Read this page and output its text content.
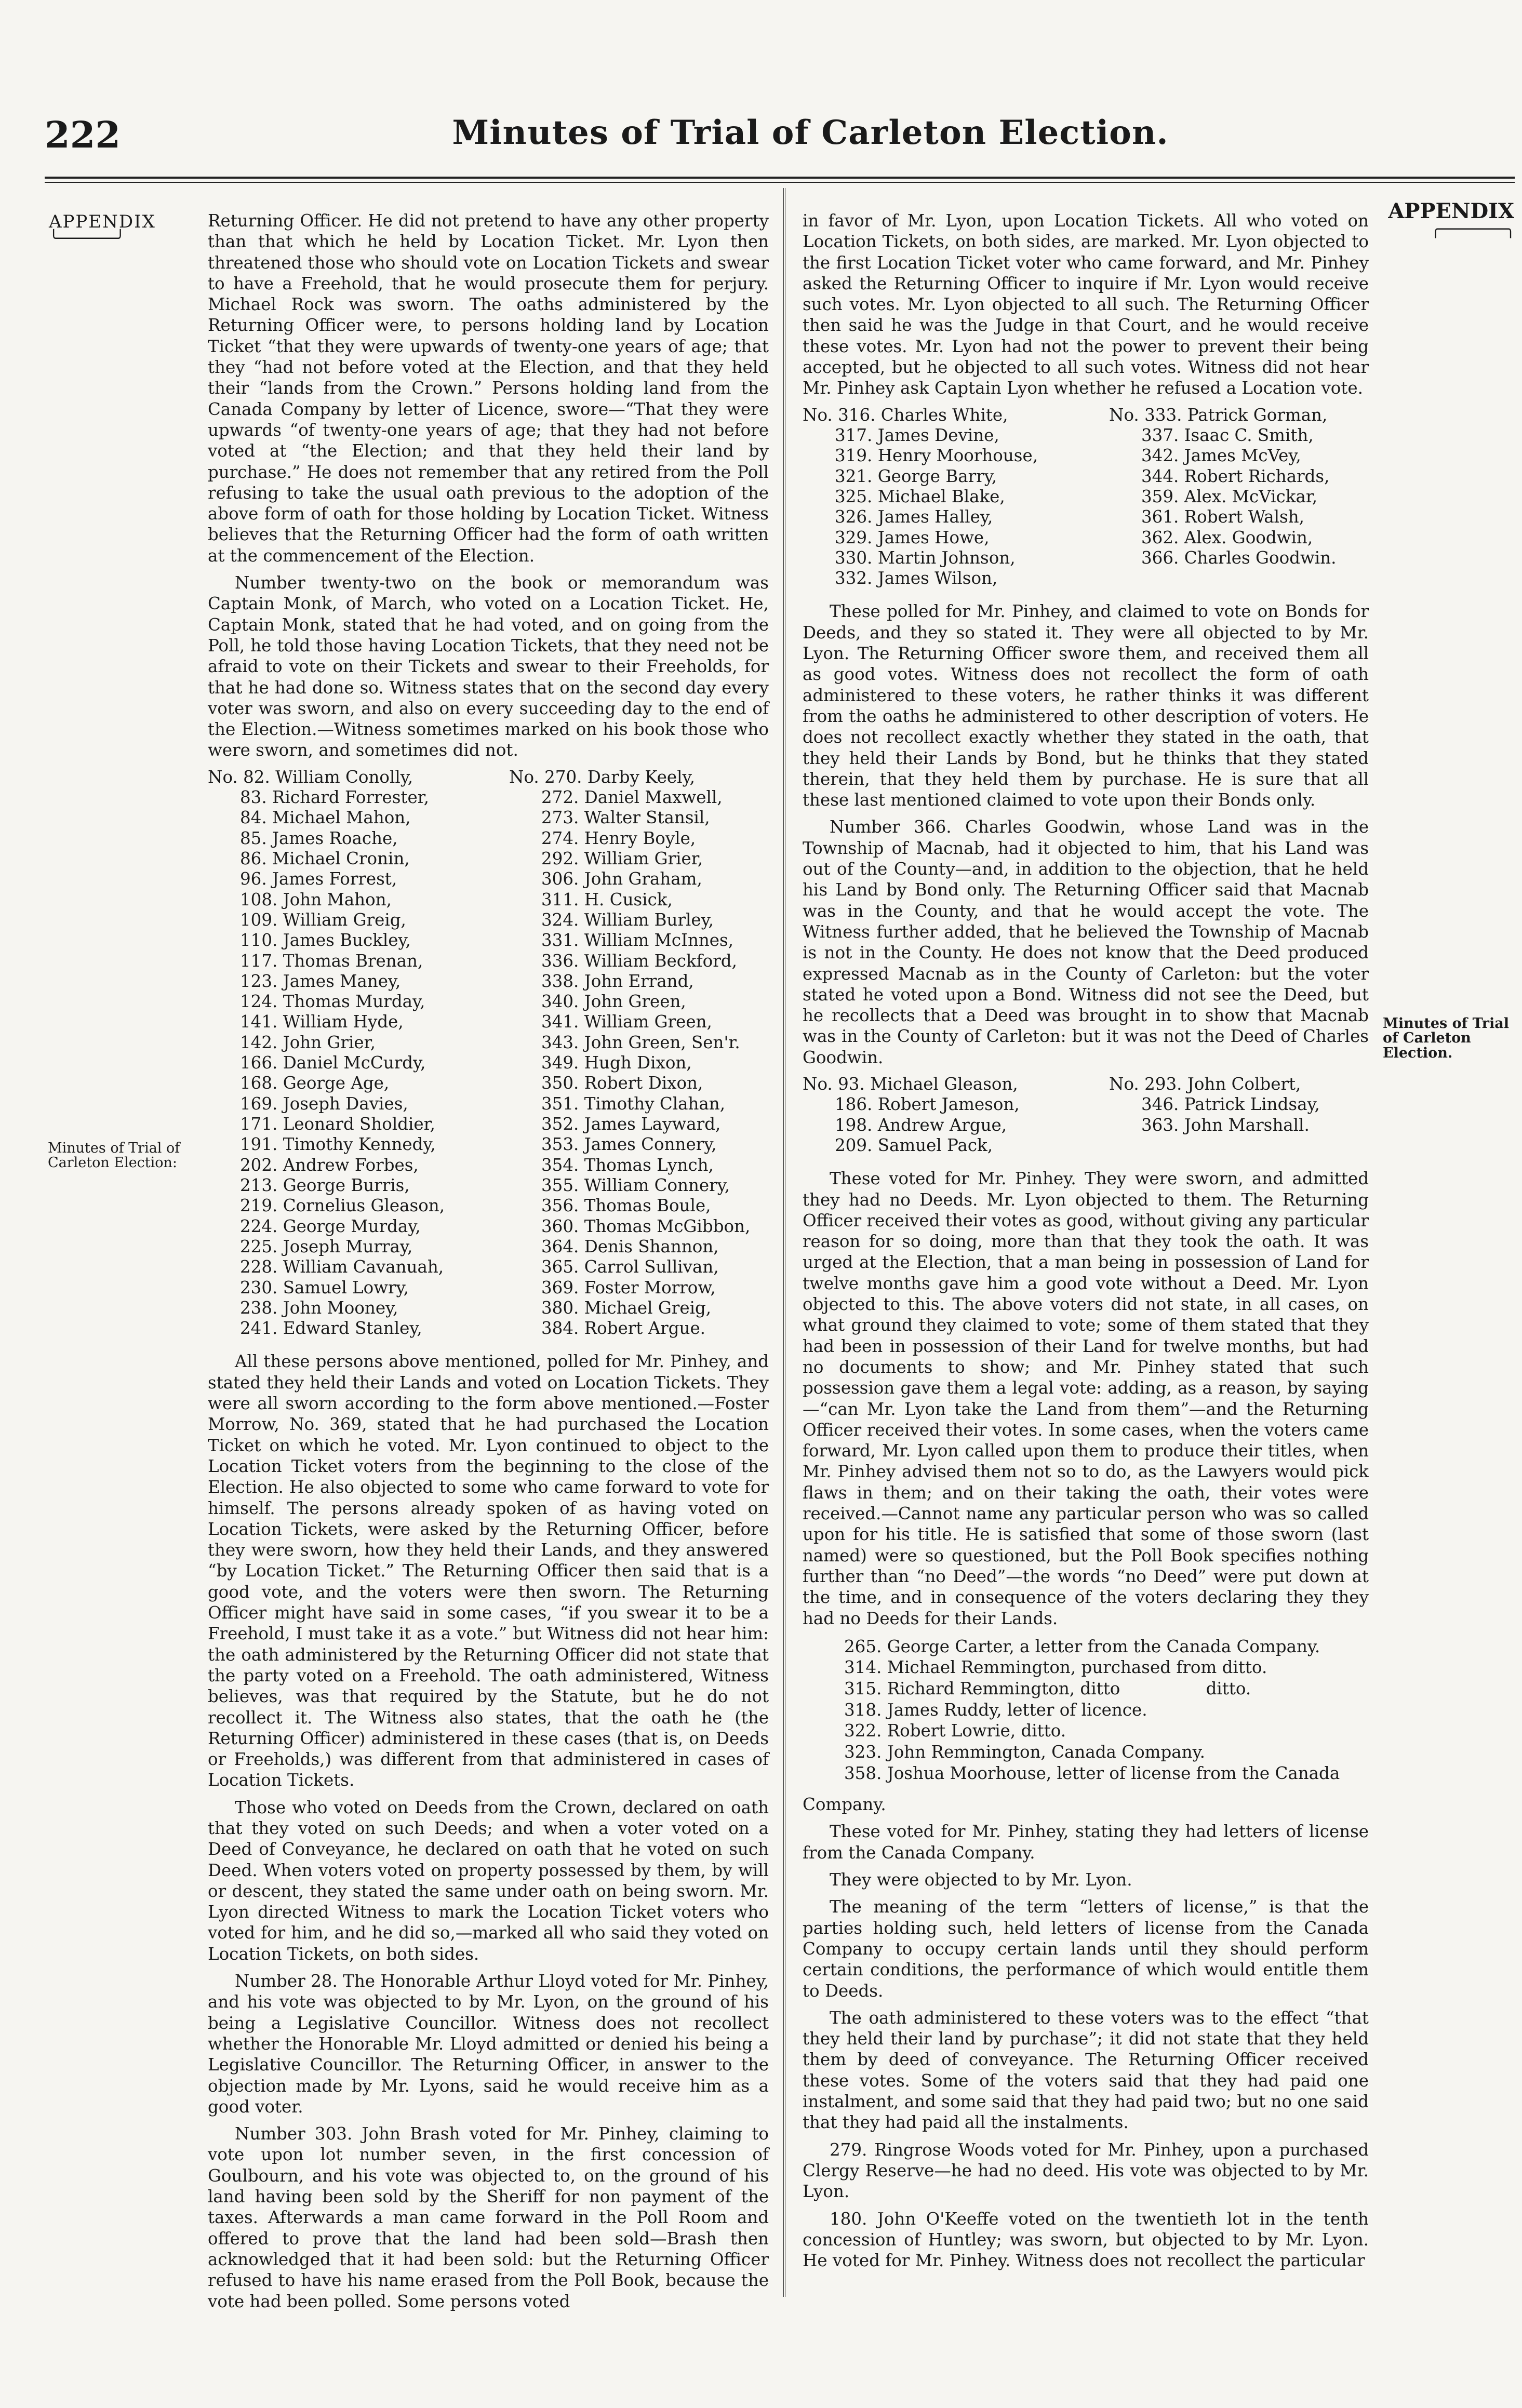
222	Minutes of Trial of Carleton Election.
APPENDIX
╰───────╯
APPENDIX
╭────────╮
Minutes of Trial of Carleton Election:
Minutes of Trial of Carleton Election.

Returning Officer. He did not pretend to have any other property than that which he held by Location Ticket. Mr. Lyon then threatened those who should vote on Location Tickets and swear to have a Freehold, that he would prosecute them for perjury. Michael Rock was sworn. The oaths administered by the Returning Officer were, to persons holding land by Location Ticket “that they were upwards of twenty-one years of age; that they “had not before voted at the Election, and that they held their “lands from the Crown.” Persons holding land from the Canada Company by letter of Licence, swore—“That they were upwards “of twenty-one years of age; that they had not before voted at “the Election; and that they held their land by purchase.” He does not remember that any retired from the Poll refusing to take the usual oath previous to the adoption of the above form of oath for those holding by Location Ticket. Witness believes that the Returning Officer had the form of oath written at the commencement of the Election.

Number twenty-two on the book or memorandum was Captain Monk, of March, who voted on a Location Ticket. He, Captain Monk, stated that he had voted, and on going from the Poll, he told those having Location Tickets, that they need not be afraid to vote on their Tickets and swear to their Freeholds, for that he had done so. Witness states that on the second day every voter was sworn, and also on every succeeding day to the end of the Election.—Witness sometimes marked on his book those who were sworn, and sometimes did not.

No. 82. William Conolly,	No. 270. Darby Keely,
83. Richard Forrester,	272. Daniel Maxwell,
84. Michael Mahon,	273. Walter Stansil,
85. James Roache,	274. Henry Boyle,
86. Michael Cronin,	292. William Grier,
96. James Forrest,	306. John Graham,
108. John Mahon,	311. H. Cusick,
109. William Greig,	324. William Burley,
110. James Buckley,	331. William McInnes,
117. Thomas Brenan,	336. William Beckford,
123. James Maney,	338. John Errand,
124. Thomas Murday,	340. John Green,
141. William Hyde,	341. William Green,
142. John Grier,	343. John Green, Sen'r.
166. Daniel McCurdy,	349. Hugh Dixon,
168. George Age,	350. Robert Dixon,
169. Joseph Davies,	351. Timothy Clahan,
171. Leonard Sholdier,	352. James Layward,
191. Timothy Kennedy,	353. James Connery,
202. Andrew Forbes,	354. Thomas Lynch,
213. George Burris,	355. William Connery,
219. Cornelius Gleason,	356. Thomas Boule,
224. George Murday,	360. Thomas McGibbon,
225. Joseph Murray,	364. Denis Shannon,
228. William Cavanuah,	365. Carrol Sullivan,
230. Samuel Lowry,	369. Foster Morrow,
238. John Mooney,	380. Michael Greig,
241. Edward Stanley,	384. Robert Argue.

All these persons above mentioned, polled for Mr. Pinhey, and stated they held their Lands and voted on Location Tickets. They were all sworn according to the form above mentioned.—Foster Morrow, No. 369, stated that he had purchased the Location Ticket on which he voted. Mr. Lyon continued to object to the Location Ticket voters from the beginning to the close of the Election. He also objected to some who came forward to vote for himself. The persons already spoken of as having voted on Location Tickets, were asked by the Returning Officer, before they were sworn, how they held their Lands, and they answered “by Location Ticket.” The Returning Officer then said that is a good vote, and the voters were then sworn. The Returning Officer might have said in some cases, “if you swear it to be a Freehold, I must take it as a vote.” but Witness did not hear him: the oath administered by the Returning Officer did not state that the party voted on a Freehold. The oath administered, Witness believes, was that required by the Statute, but he do not recollect it. The Witness also states, that the oath he (the Returning Officer) administered in these cases (that is, on Deeds or Freeholds,) was different from that administered in cases of Location Tickets.

Those who voted on Deeds from the Crown, declared on oath that they voted on such Deeds; and when a voter voted on a Deed of Conveyance, he declared on oath that he voted on such Deed. When voters voted on property possessed by them, by will or descent, they stated the same under oath on being sworn. Mr. Lyon directed Witness to mark the Location Ticket voters who voted for him, and he did so,—marked all who said they voted on Location Tickets, on both sides.

Number 28. The Honorable Arthur Lloyd voted for Mr. Pinhey, and his vote was objected to by Mr. Lyon, on the ground of his being a Legislative Councillor. Witness does not recollect whether the Honorable Mr. Lloyd admitted or denied his being a Legislative Councillor. The Returning Officer, in answer to the objection made by Mr. Lyons, said he would receive him as a good voter.

Number 303. John Brash voted for Mr. Pinhey, claiming to vote upon lot number seven, in the first concession of Goulbourn, and his vote was objected to, on the ground of his land having been sold by the Sheriff for non payment of the taxes. Afterwards a man came forward in the Poll Room and offered to prove that the land had been sold—Brash then acknowledged that it had been sold: but the Returning Officer refused to have his name erased from the Poll Book, because the vote had been polled. Some persons voted

in favor of Mr. Lyon, upon Location Tickets. All who voted on Location Tickets, on both sides, are marked. Mr. Lyon objected to the first Location Ticket voter who came forward, and Mr. Pinhey asked the Returning Officer to inquire if Mr. Lyon would receive such votes. Mr. Lyon objected to all such. The Returning Officer then said he was the Judge in that Court, and he would receive these votes. Mr. Lyon had not the power to prevent their being accepted, but he objected to all such votes. Witness did not hear Mr. Pinhey ask Captain Lyon whether he refused a Location vote.

No. 316. Charles White,	No. 333. Patrick Gorman,
317. James Devine,	337. Isaac C. Smith,
319. Henry Moorhouse,	342. James McVey,
321. George Barry,	344. Robert Richards,
325. Michael Blake,	359. Alex. McVickar,
326. James Halley,	361. Robert Walsh,
329. James Howe,	362. Alex. Goodwin,
330. Martin Johnson,	366. Charles Goodwin.
332. James Wilson,

These polled for Mr. Pinhey, and claimed to vote on Bonds for Deeds, and they so stated it. They were all objected to by Mr. Lyon. The Returning Officer swore them, and received them all as good votes. Witness does not recollect the form of oath administered to these voters, he rather thinks it was different from the oaths he administered to other description of voters. He does not recollect exactly whether they stated in the oath, that they held their Lands by Bond, but he thinks that they stated therein, that they held them by purchase. He is sure that all these last mentioned claimed to vote upon their Bonds only.

Number 366. Charles Goodwin, whose Land was in the Township of Macnab, had it objected to him, that his Land was out of the County—and, in addition to the objection, that he held his Land by Bond only. The Returning Officer said that Macnab was in the County, and that he would accept the vote. The Witness further added, that he believed the Township of Macnab is not in the County. He does not know that the Deed produced expressed Macnab as in the County of Carleton: but the voter stated he voted upon a Bond. Witness did not see the Deed, but he recollects that a Deed was brought in to show that Macnab was in the County of Carleton: but it was not the Deed of Charles Goodwin.

No. 93. Michael Gleason,	No. 293. John Colbert,
186. Robert Jameson,	346. Patrick Lindsay,
198. Andrew Argue,	363. John Marshall.
209. Samuel Pack,

These voted for Mr. Pinhey. They were sworn, and admitted they had no Deeds. Mr. Lyon objected to them. The Returning Officer received their votes as good, without giving any particular reason for so doing, more than that they took the oath. It was urged at the Election, that a man being in possession of Land for twelve months gave him a good vote without a Deed. Mr. Lyon objected to this. The above voters did not state, in all cases, on what ground they claimed to vote; some of them stated that they had been in possession of their Land for twelve months, but had no documents to show; and Mr. Pinhey stated that such possession gave them a legal vote: adding, as a reason, by saying—“can Mr. Lyon take the Land from them”—and the Returning Officer received their votes. In some cases, when the voters came forward, Mr. Lyon called upon them to produce their titles, when Mr. Pinhey advised them not so to do, as the Lawyers would pick flaws in them; and on their taking the oath, their votes were received.—Cannot name any particular person who was so called upon for his title. He is satisfied that some of those sworn (last named) were so questioned, but the Poll Book specifies nothing further than “no Deed”—the words “no Deed” were put down at the time, and in consequence of the voters declaring they they had no Deeds for their Lands.

265. George Carter, a letter from the Canada Company.
314. Michael Remmington, purchased from ditto.
315. Richard Remmington, ditto                ditto.
318. James Ruddy, letter of licence.
322. Robert Lowrie, ditto.
323. John Remmington, Canada Company.
358. Joshua Moorhouse, letter of license from the Canada

Company.

These voted for Mr. Pinhey, stating they had letters of license from the Canada Company.

They were objected to by Mr. Lyon.

The meaning of the term “letters of license,” is that the parties holding such, held letters of license from the Canada Company to occupy certain lands until they should perform certain conditions, the performance of which would entitle them to Deeds.

The oath administered to these voters was to the effect “that they held their land by purchase”; it did not state that they held them by deed of conveyance. The Returning Officer received these votes. Some of the voters said that they had paid one instalment, and some said that they had paid two; but no one said that they had paid all the instalments.

279. Ringrose Woods voted for Mr. Pinhey, upon a purchased Clergy Reserve—he had no deed. His vote was objected to by Mr. Lyon.

180. John O'Keeffe voted on the twentieth lot in the tenth concession of Huntley; was sworn, but objected to by Mr. Lyon. He voted for Mr. Pinhey. Witness does not recollect the particular
